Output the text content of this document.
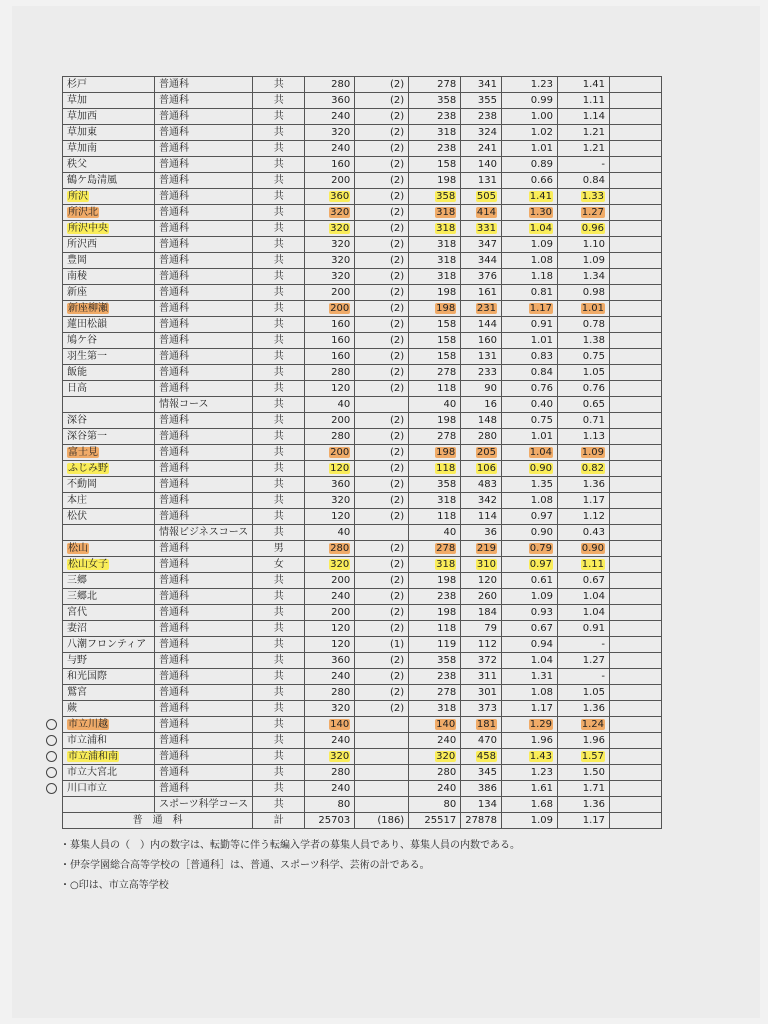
杉戸	普通科	共	280	(2)	278	341	1.23	1.41	
草加	普通科	共	360	(2)	358	355	0.99	1.11	
草加西	普通科	共	240	(2)	238	238	1.00	1.14	
草加東	普通科	共	320	(2)	318	324	1.02	1.21	
草加南	普通科	共	240	(2)	238	241	1.01	1.21	
秩父	普通科	共	160	(2)	158	140	0.89	-	
鶴ケ島清風	普通科	共	200	(2)	198	131	0.66	0.84	
所沢	普通科	共	360	(2)	358	505	1.41	1.33	
所沢北	普通科	共	320	(2)	318	414	1.30	1.27	
所沢中央	普通科	共	320	(2)	318	331	1.04	0.96	
所沢西	普通科	共	320	(2)	318	347	1.09	1.10	
豊岡	普通科	共	320	(2)	318	344	1.08	1.09	
南稜	普通科	共	320	(2)	318	376	1.18	1.34	
新座	普通科	共	200	(2)	198	161	0.81	0.98	
新座柳瀬	普通科	共	200	(2)	198	231	1.17	1.01	
蓮田松韻	普通科	共	160	(2)	158	144	0.91	0.78	
鳩ケ谷	普通科	共	160	(2)	158	160	1.01	1.38	
羽生第一	普通科	共	160	(2)	158	131	0.83	0.75	
飯能	普通科	共	280	(2)	278	233	0.84	1.05	
日高	普通科	共	120	(2)	118	90	0.76	0.76	
	情報コース	共	40		40	16	0.40	0.65	
深谷	普通科	共	200	(2)	198	148	0.75	0.71	
深谷第一	普通科	共	280	(2)	278	280	1.01	1.13	
富士見	普通科	共	200	(2)	198	205	1.04	1.09	
ふじみ野	普通科	共	120	(2)	118	106	0.90	0.82	
不動岡	普通科	共	360	(2)	358	483	1.35	1.36	
本庄	普通科	共	320	(2)	318	342	1.08	1.17	
松伏	普通科	共	120	(2)	118	114	0.97	1.12	
	情報ビジネスコース	共	40		40	36	0.90	0.43	
松山	普通科	男	280	(2)	278	219	0.79	0.90	
松山女子	普通科	女	320	(2)	318	310	0.97	1.11	
三郷	普通科	共	200	(2)	198	120	0.61	0.67	
三郷北	普通科	共	240	(2)	238	260	1.09	1.04	
宮代	普通科	共	200	(2)	198	184	0.93	1.04	
妻沼	普通科	共	120	(2)	118	79	0.67	0.91	
八潮フロンティア	普通科	共	120	(1)	119	112	0.94	-	
与野	普通科	共	360	(2)	358	372	1.04	1.27	
和光国際	普通科	共	240	(2)	238	311	1.31	-	
鷲宮	普通科	共	280	(2)	278	301	1.08	1.05	
蕨	普通科	共	320	(2)	318	373	1.17	1.36	
市立川越	普通科	共	140		140	181	1.29	1.24	
市立浦和	普通科	共	240		240	470	1.96	1.96	
市立浦和南	普通科	共	320		320	458	1.43	1.57	
市立大宮北	普通科	共	280		280	345	1.23	1.50	
川口市立	普通科	共	240		240	386	1.61	1.71	
	スポーツ科学コース	共	80		80	134	1.68	1.36	
普　通　科		計	25703	(186)	25517	27878	1.09	1.17	
・募集人員の（　）内の数字は、転勤等に伴う転編入学者の募集人員であり、募集人員の内数である。
・伊奈学園総合高等学校の［普通科］は、普通、スポーツ科学、芸術の計である。
・○印は、市立高等学校
